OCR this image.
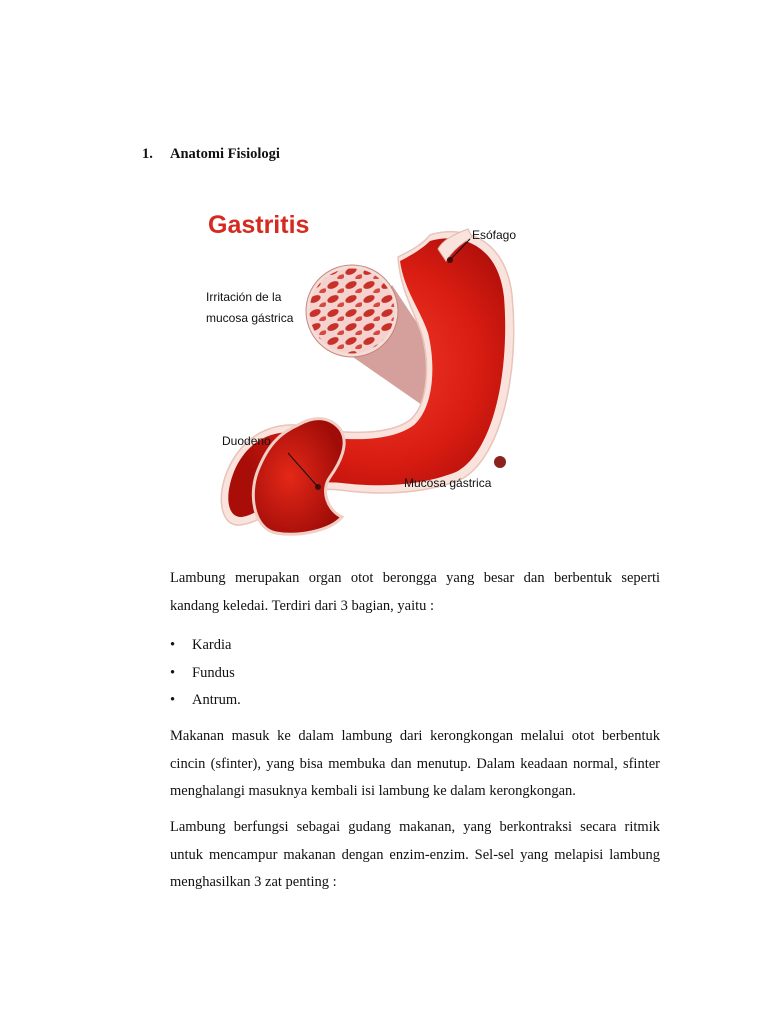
1. Anatomi Fisiologi
Gastritis	Esófago
Irritación de la
mucosa gástrica
Duodeno
Mucosa gástrica

Lambung merupakan organ otot berongga yang besar dan berbentuk seperti kandang keledai. Terdiri dari 3 bagian, yaitu :

• Kardia
• Fundus
• Antrum.

Makanan masuk ke dalam lambung dari kerongkongan melalui otot berbentuk cincin (sfinter), yang bisa membuka dan menutup. Dalam keadaan normal, sfinter menghalangi masuknya kembali isi lambung ke dalam kerongkongan.

Lambung berfungsi sebagai gudang makanan, yang berkontraksi secara ritmik untuk mencampur makanan dengan enzim-enzim. Sel-sel yang melapisi lambung menghasilkan 3 zat penting :
